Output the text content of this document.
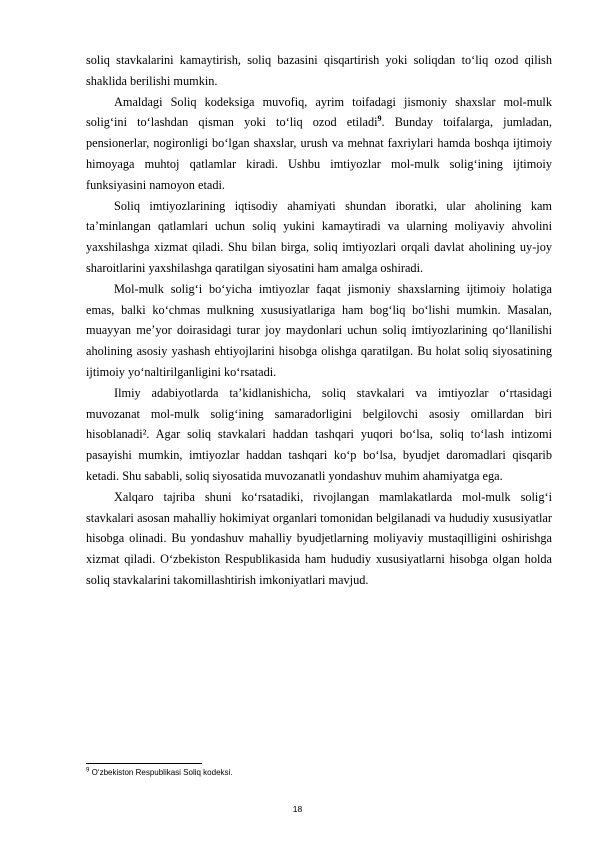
soliq stavkalarini kamaytirish, soliq bazasini qisqartirish yoki soliqdan to‘liq ozod qilish shaklida berilishi mumkin.

Amaldagi Soliq kodeksiga muvofiq, ayrim toifadagi jismoniy shaxslar mol-mulk solig‘ini to‘lashdan qisman yoki to‘liq ozod etiladi$^9$. Bunday toifalarga, jumladan, pensionerlar, nogironligi bo‘lgan shaxslar, urush va mehnat faxriylari hamda boshqa ijtimoiy himoyaga muhtoj qatlamlar kiradi. Ushbu imtiyozlar mol-mulk solig‘ining ijtimoiy funksiyasini namoyon etadi.

Soliq imtiyozlarining iqtisodiy ahamiyati shundan iboratki, ular aholining kam ta’minlangan qatlamlari uchun soliq yukini kamaytiradi va ularning moliyaviy ahvolini yaxshilashga xizmat qiladi. Shu bilan birga, soliq imtiyozlari orqali davlat aholining uy-joy sharoitlarini yaxshilashga qaratilgan siyosatini ham amalga oshiradi.

Mol-mulk solig‘i bo‘yicha imtiyozlar faqat jismoniy shaxslarning ijtimoiy holatiga emas, balki ko‘chmas mulkning xususiyatlariga ham bog‘liq bo‘lishi mumkin. Masalan, muayyan me’yor doirasidagi turar joy maydonlari uchun soliq imtiyozlarining qo‘llanilishi aholining asosiy yashash ehtiyojlarini hisobga olishga qaratilgan. Bu holat soliq siyosatining ijtimoiy yo‘naltirilganligini ko‘rsatadi.

Ilmiy adabiyotlarda ta’kidlanishicha, soliq stavkalari va imtiyozlar o‘rtasidagi muvozanat mol-mulk solig‘ining samaradorligini belgilovchi asosiy omillardan biri hisoblanadi². Agar soliq stavkalari haddan tashqari yuqori bo‘lsa, soliq to‘lash intizomi pasayishi mumkin, imtiyozlar haddan tashqari ko‘p bo‘lsa, byudjet daromadlari qisqarib ketadi. Shu sababli, soliq siyosatida muvozanatli yondashuv muhim ahamiyatga ega.

Xalqaro tajriba shuni ko‘rsatadiki, rivojlangan mamlakatlarda mol-mulk solig‘i stavkalari asosan mahalliy hokimiyat organlari tomonidan belgilanadi va hududiy xususiyatlar hisobga olinadi. Bu yondashuv mahalliy byudjetlarning moliyaviy mustaqilligini oshirishga xizmat qiladi. O‘zbekiston Respublikasida ham hududiy xususiyatlarni hisobga olgan holda soliq stavkalarini takomillashtirish imkoniyatlari mavjud.

$^9$ O‘zbekiston Respublikasi Soliq kodeksi.
18
